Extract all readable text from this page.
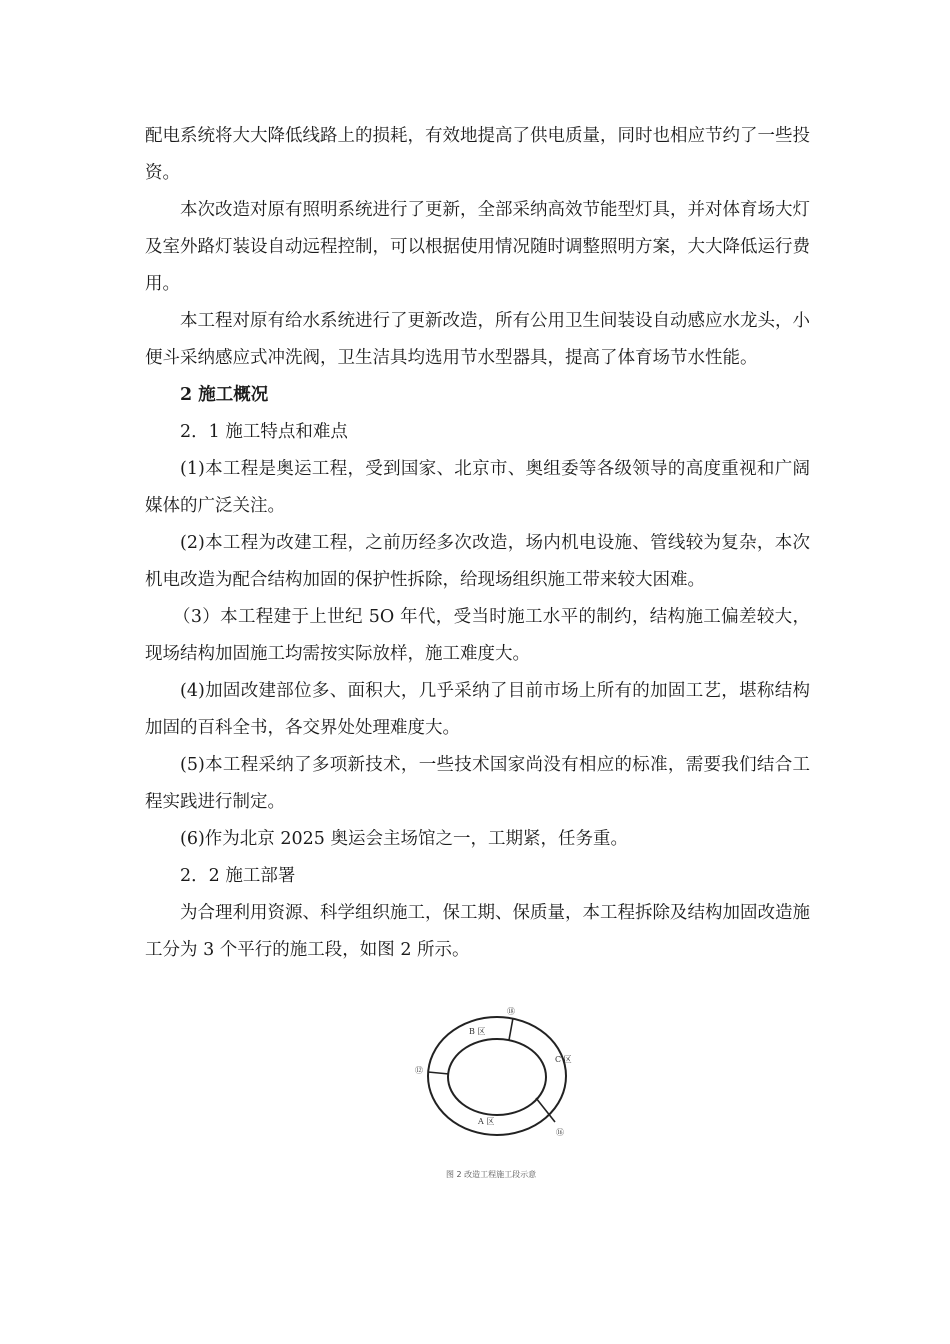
配电系统将大大降低线路上的损耗，有效地提高了供电质量，同时也相应节约了一些投资。

本次改造对原有照明系统进行了更新，全部采纳高效节能型灯具，并对体育场大灯及室外路灯装设自动远程控制，可以根据使用情况随时调整照明方案，大大降低运行费用。

本工程对原有给水系统进行了更新改造，所有公用卫生间装设自动感应水龙头，小便斗采纳感应式冲洗阀，卫生洁具均选用节水型器具，提高了体育场节水性能。

2 施工概况

2．1 施工特点和难点

(1)本工程是奥运工程，受到国家、北京市、奥组委等各级领导的高度重视和广阔媒体的广泛关注。

(2)本工程为改建工程，之前历经多次改造，场内机电设施、管线较为复杂，本次机电改造为配合结构加固的保护性拆除，给现场组织施工带来较大困难。

（3）本工程建于上世纪 5O 年代，受当时施工水平的制约，结构施工偏差较大，现场结构加固施工均需按实际放样，施工难度大。

(4)加固改建部位多、面积大，几乎采纳了目前市场上所有的加固工艺，堪称结构加固的百科全书，各交界处处理难度大。

(5)本工程采纳了多项新技术，一些技术国家尚没有相应的标准，需要我们结合工程实践进行制定。

(6)作为北京 2025 奥运会主场馆之一，工期紧，任务重。

2．2 施工部署

为合理利用资源、科学组织施工，保工期、保质量，本工程拆除及结构加固改造施工分为 3 个平行的施工段，如图 2 所示。

B 区
C 区
A 区
⑱
⑫
⑯
图 2 改造工程施工段示意
